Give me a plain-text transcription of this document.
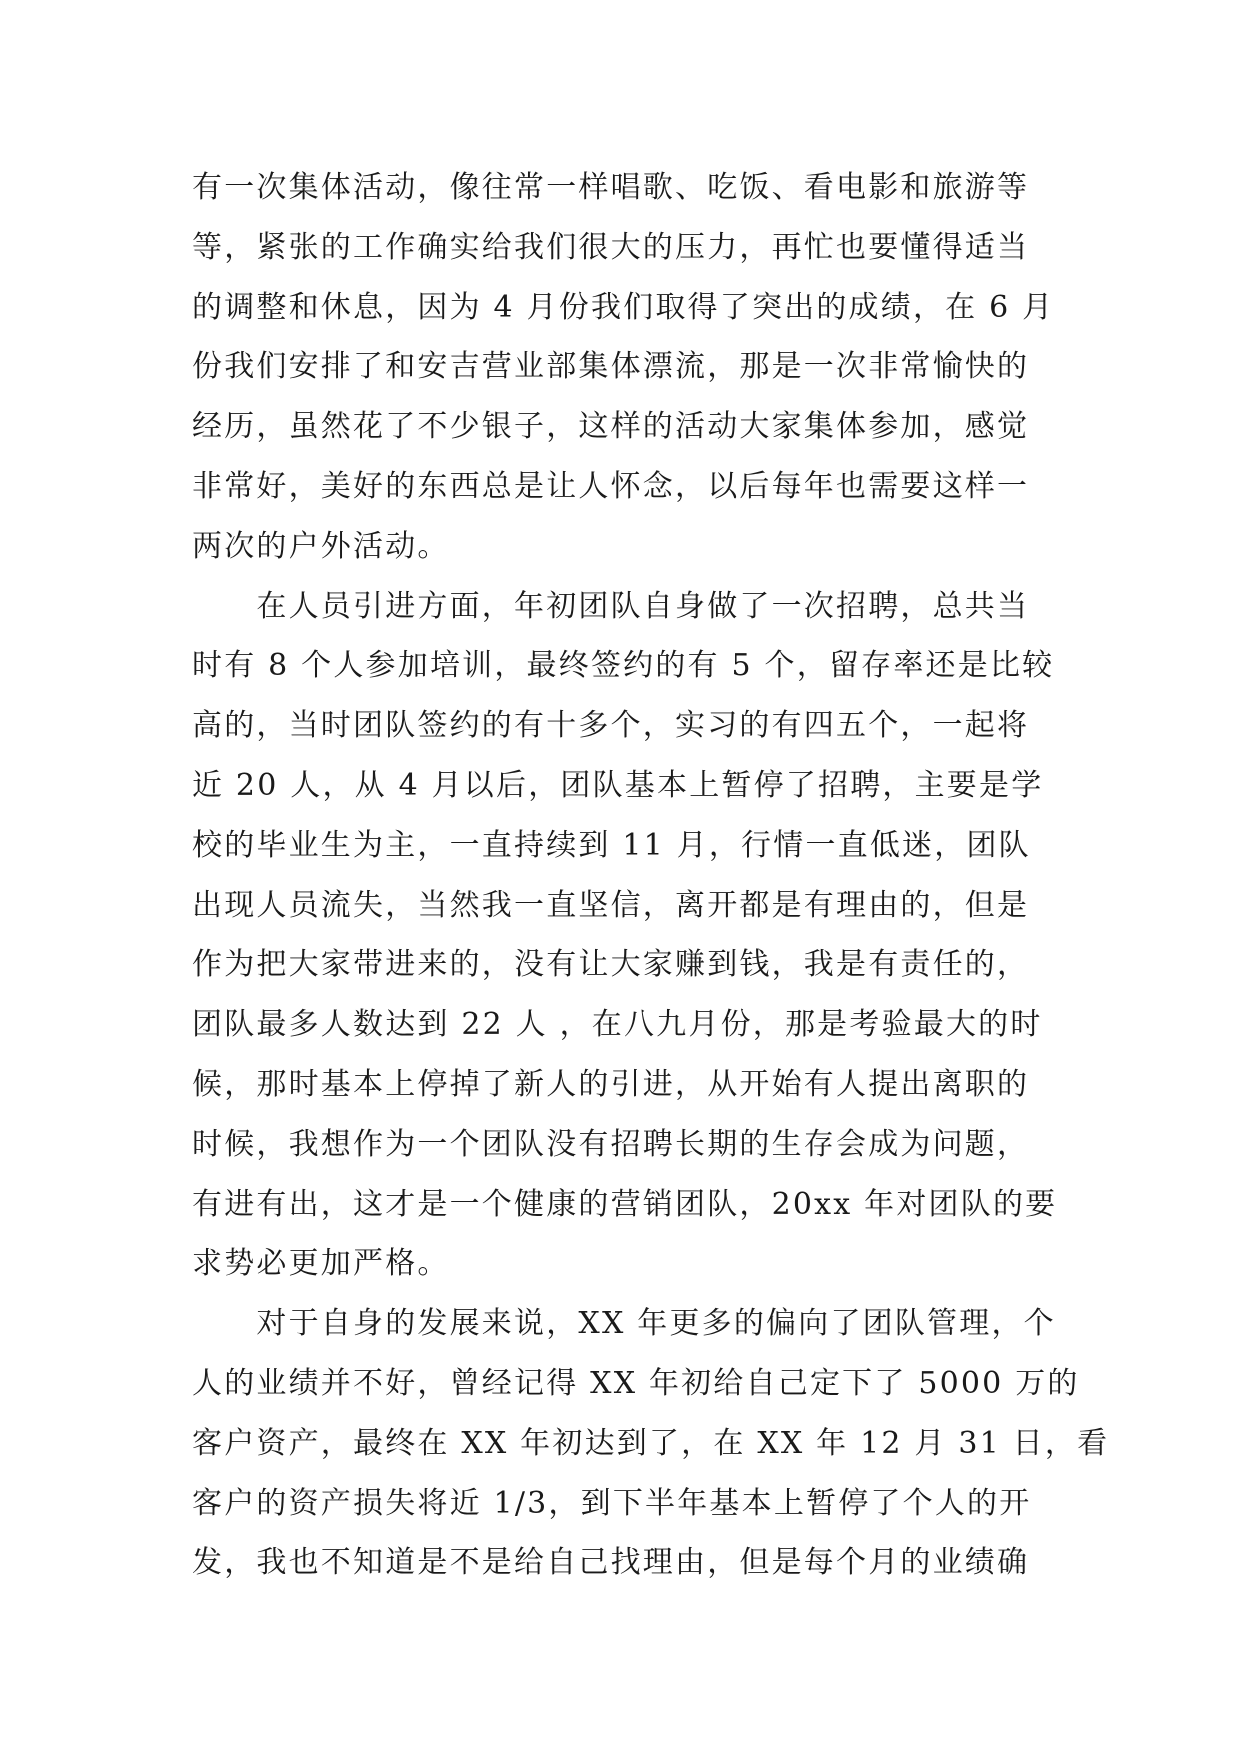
有一次集体活动，像往常一样唱歌、吃饭、看电影和旅游等
等，紧张的工作确实给我们很大的压力，再忙也要懂得适当
的调整和休息，因为 4 月份我们取得了突出的成绩，在 6 月
份我们安排了和安吉营业部集体漂流，那是一次非常愉快的
经历，虽然花了不少银子，这样的活动大家集体参加，感觉
非常好，美好的东西总是让人怀念，以后每年也需要这样一
两次的户外活动。
　　在人员引进方面，年初团队自身做了一次招聘，总共当
时有 8 个人参加培训，最终签约的有 5 个，留存率还是比较
高的，当时团队签约的有十多个，实习的有四五个，一起将
近 20 人，从 4 月以后，团队基本上暂停了招聘，主要是学
校的毕业生为主，一直持续到 11 月，行情一直低迷，团队
出现人员流失，当然我一直坚信，离开都是有理由的，但是
作为把大家带进来的，没有让大家赚到钱，我是有责任的，
团队最多人数达到 22 人 ，在八九月份，那是考验最大的时
候，那时基本上停掉了新人的引进，从开始有人提出离职的
时候，我想作为一个团队没有招聘长期的生存会成为问题，
有进有出，这才是一个健康的营销团队，20xx 年对团队的要
求势必更加严格。
　　对于自身的发展来说，XX 年更多的偏向了团队管理，个
人的业绩并不好，曾经记得 XX 年初给自己定下了 5000 万的
客户资产，最终在 XX 年初达到了，在 XX 年 12 月 31 日，看
客户的资产损失将近 1/3，到下半年基本上暂停了个人的开
发，我也不知道是不是给自己找理由，但是每个月的业绩确
